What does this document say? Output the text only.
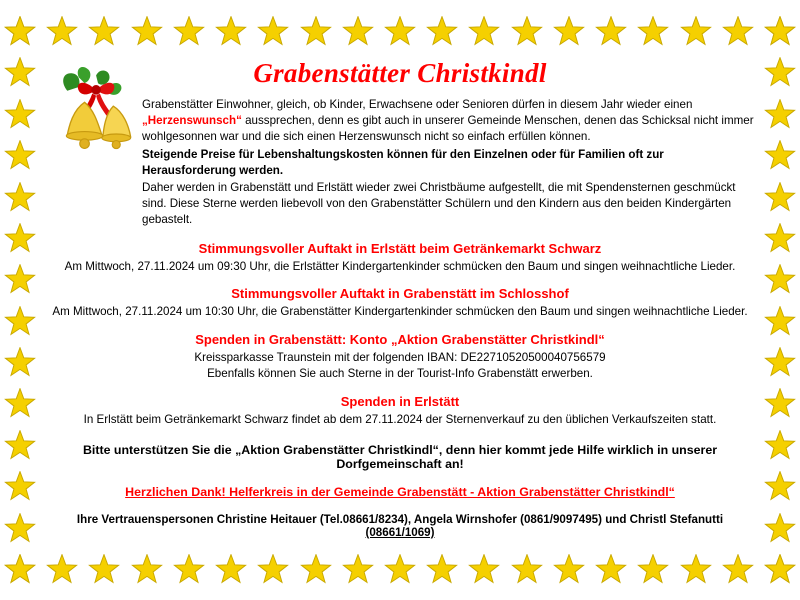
Grabenstätter Christkindl

Grabenstätter Einwohner, gleich, ob Kinder, Erwachsene oder Senioren dürfen in diesem Jahr wieder einen „Herzenswunsch“ aussprechen, denn es gibt auch in unserer Gemeinde Menschen, denen das Schicksal nicht immer wohlgesonnen war und die sich einen Herzenswunsch nicht so einfach erfüllen können.

Steigende Preise für Lebenshaltungskosten können für den Einzelnen oder für Familien oft zur Herausforderung werden.

Daher werden in Grabenstätt und Erlstätt wieder zwei Christbäume aufgestellt, die mit Spendensternen geschmückt sind. Diese Sterne werden liebevoll von den Grabenstätter Schülern und den Kindern aus den beiden Kindergärten gebastelt.

Stimmungsvoller Auftakt in Erlstätt beim Getränkemarkt Schwarz
Am Mittwoch, 27.11.2024 um 09:30 Uhr, die Erlstätter Kindergartenkinder schmücken den Baum und singen weihnachtliche Lieder.
Stimmungsvoller Auftakt in Grabenstätt im Schlosshof
Am Mittwoch, 27.11.2024 um 10:30 Uhr, die Grabenstätter Kindergartenkinder schmücken den Baum und singen weihnachtliche Lieder.
Spenden in Grabenstätt: Konto „Aktion Grabenstätter Christkindl“
Kreissparkasse Traunstein mit der folgenden IBAN: DE22710520500040756579
Ebenfalls können Sie auch Sterne in der Tourist-Info Grabenstätt erwerben.
Spenden in Erlstätt
In Erlstätt beim Getränkemarkt Schwarz findet ab dem 27.11.2024 der Sternenverkauf zu den üblichen Verkaufszeiten statt.
Bitte unterstützen Sie die „Aktion Grabenstätter Christkindl“, denn hier kommt jede Hilfe wirklich in unserer Dorfgemeinschaft an!
Herzlichen Dank! Helferkreis in der Gemeinde Grabenstätt - Aktion Grabenstätter Christkindl“
Ihre Vertrauenspersonen Christine Heitauer (Tel.08661/8234), Angela Wirnshofer (0861/9097495) und Christl Stefanutti (08661/1069)
